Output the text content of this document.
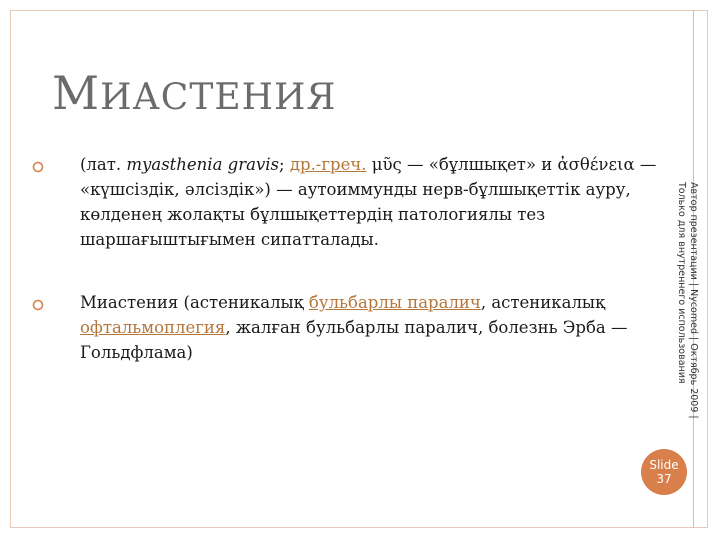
МИАСТЕНИЯ
(лат. myasthenia gravis; др.-греч. μῦς — «бұлшықет» и ἀσθένεια — «күшсіздік, әлсіздік») — аутоиммунды нерв-бұлшықеттік ауру, көлденең жолақты бұлшықеттердің патологиялы тез шаршағыштығымен сипатталады.
Миастения (астеникалық бульбарлы паралич, астеникалық офтальмоплегия, жалған бульбарлы паралич, болезнь Эрба — Гольдфлама)	Автор презентации | Nycomed | Октябрь 2009 | Только для внутреннего использования
Slide
37
